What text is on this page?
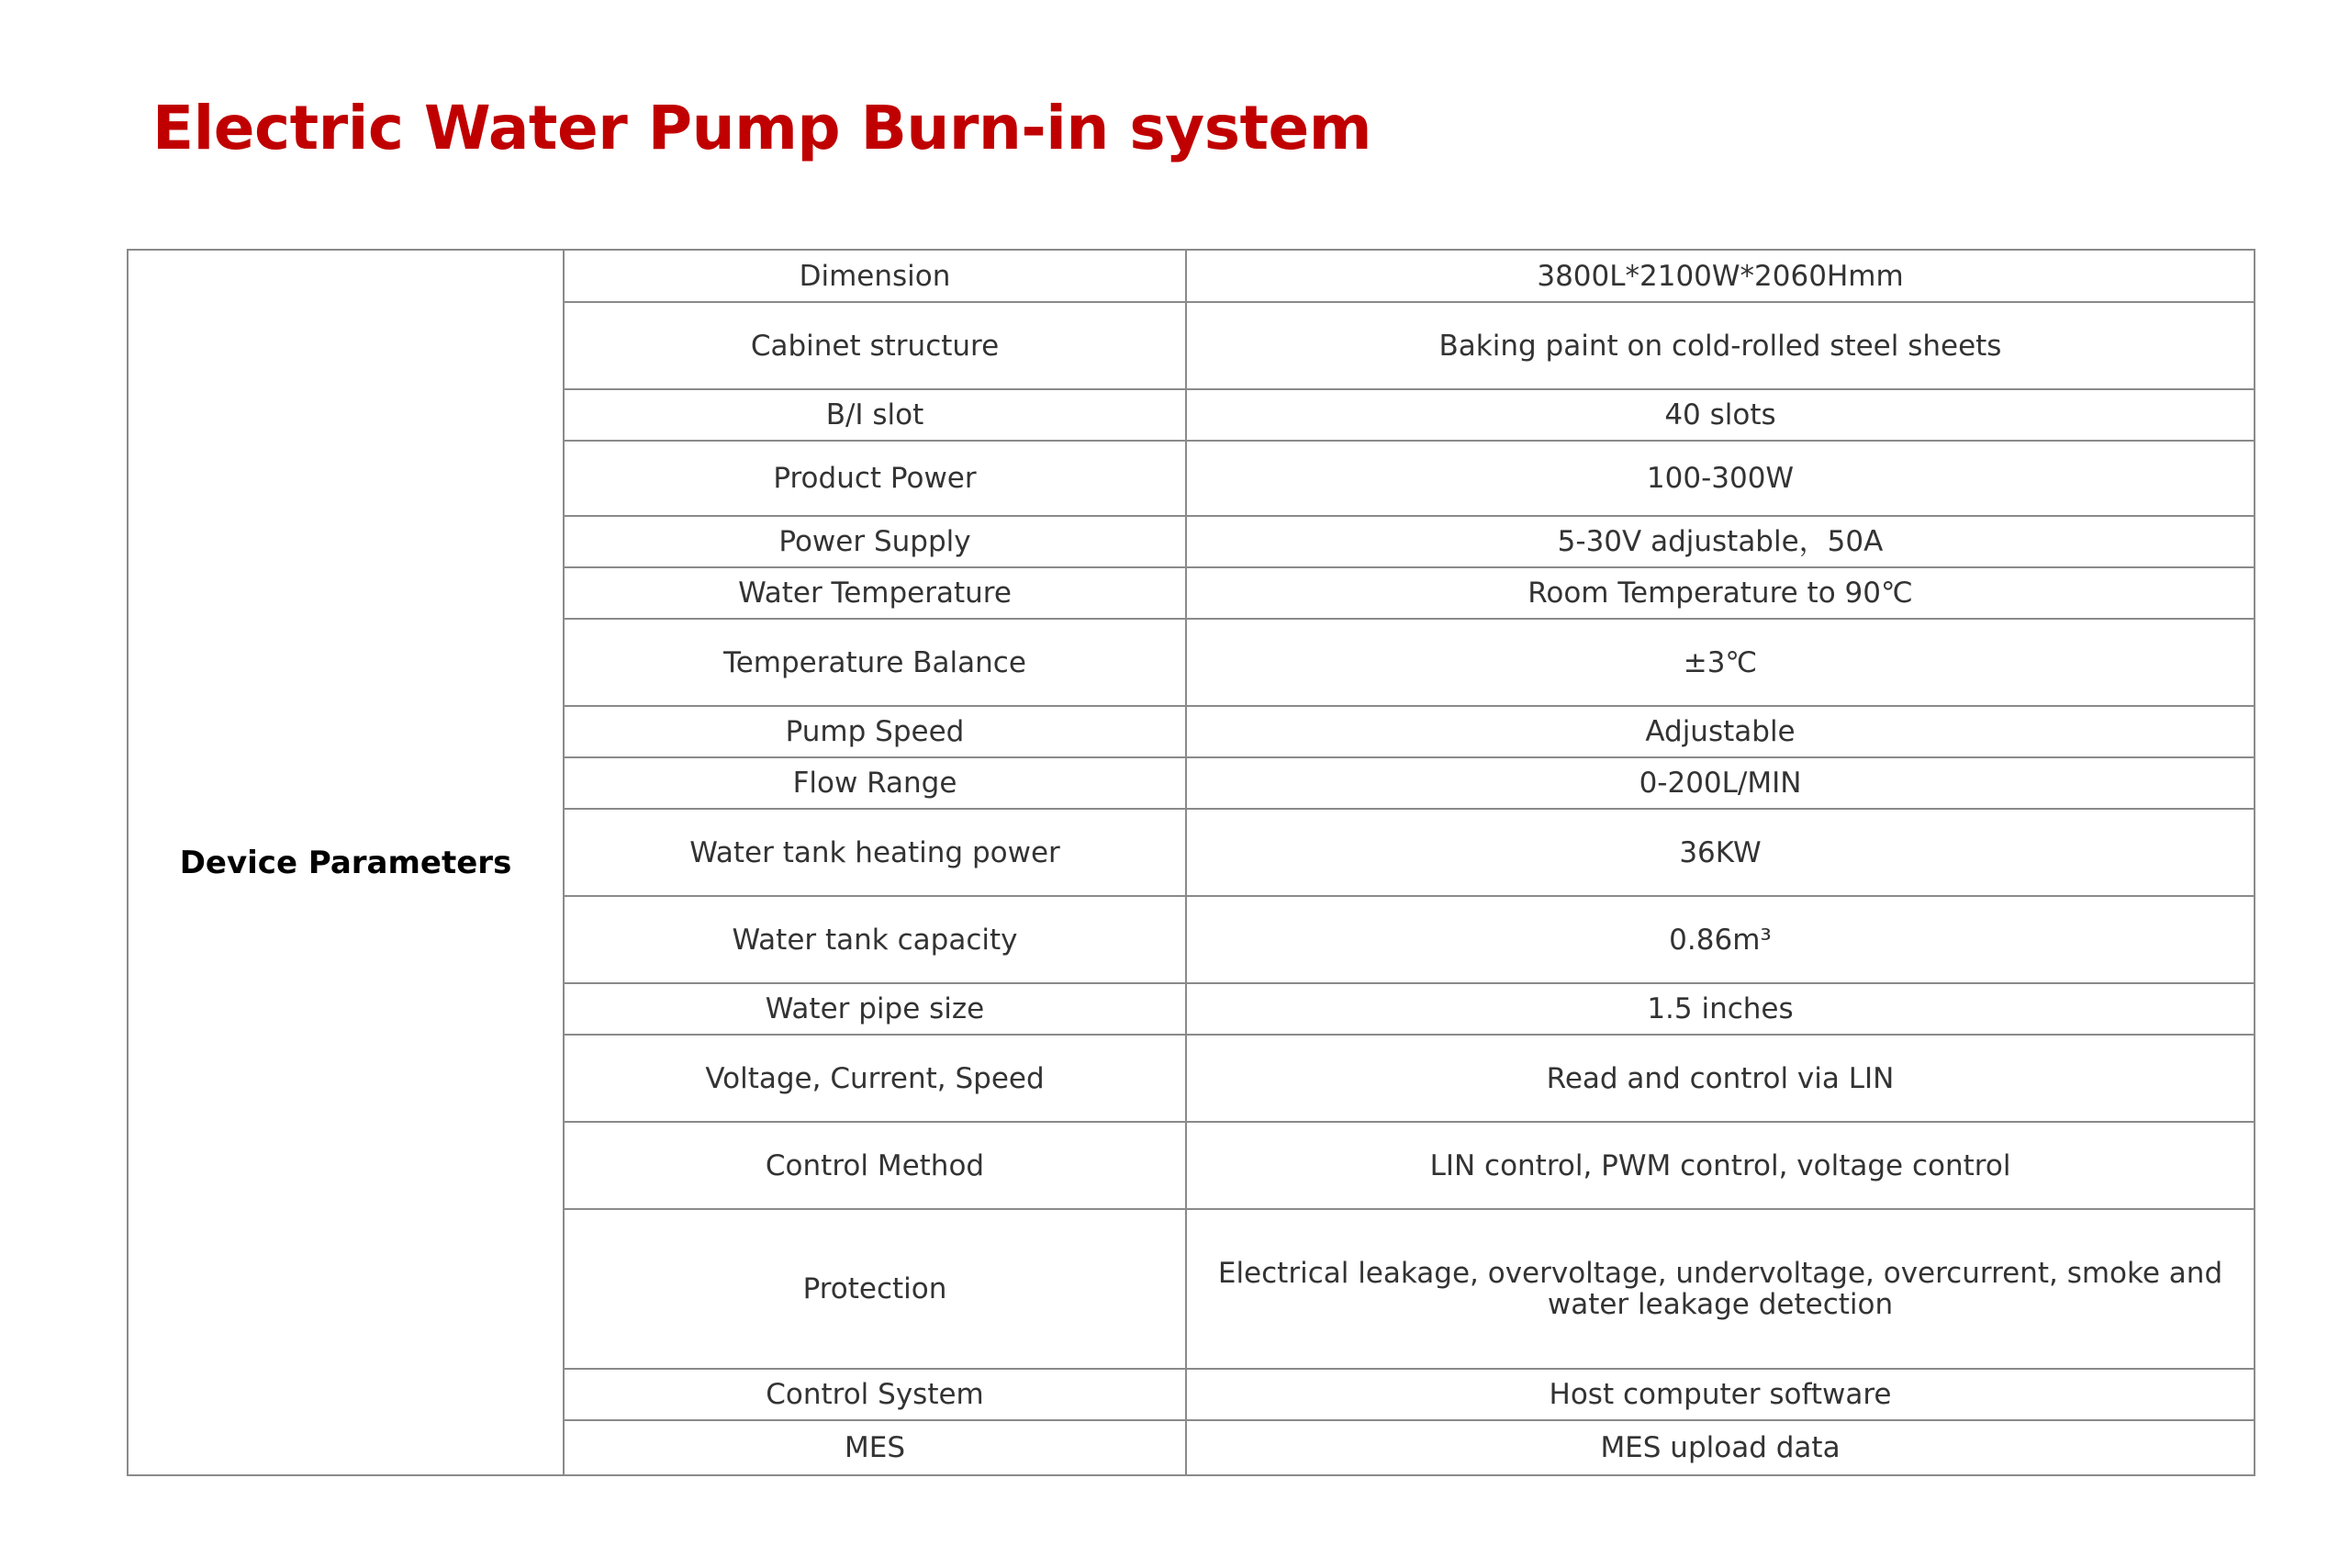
Electric Water Pump Burn-in system
Device Parameters	Dimension	3800L*2100W*2060Hmm
	Cabinet structure	Baking paint on cold-rolled steel sheets
	B/I slot	40 slots
	Product Power	100-300W
	Power Supply	5-30V adjustable，50A
	Water Temperature	Room Temperature to 90℃
	Temperature Balance	±3℃
	Pump Speed	Adjustable
	Flow Range	0-200L/MIN
	Water tank heating power	36KW
	Water tank capacity	0.86m³
	Water pipe size	1.5 inches
	Voltage, Current, Speed	Read and control via LIN
	Control Method	LIN control, PWM control, voltage control
	Protection	Electrical leakage, overvoltage, undervoltage, overcurrent, smoke and water leakage detection
	Control System	Host computer software
	MES	MES upload data
